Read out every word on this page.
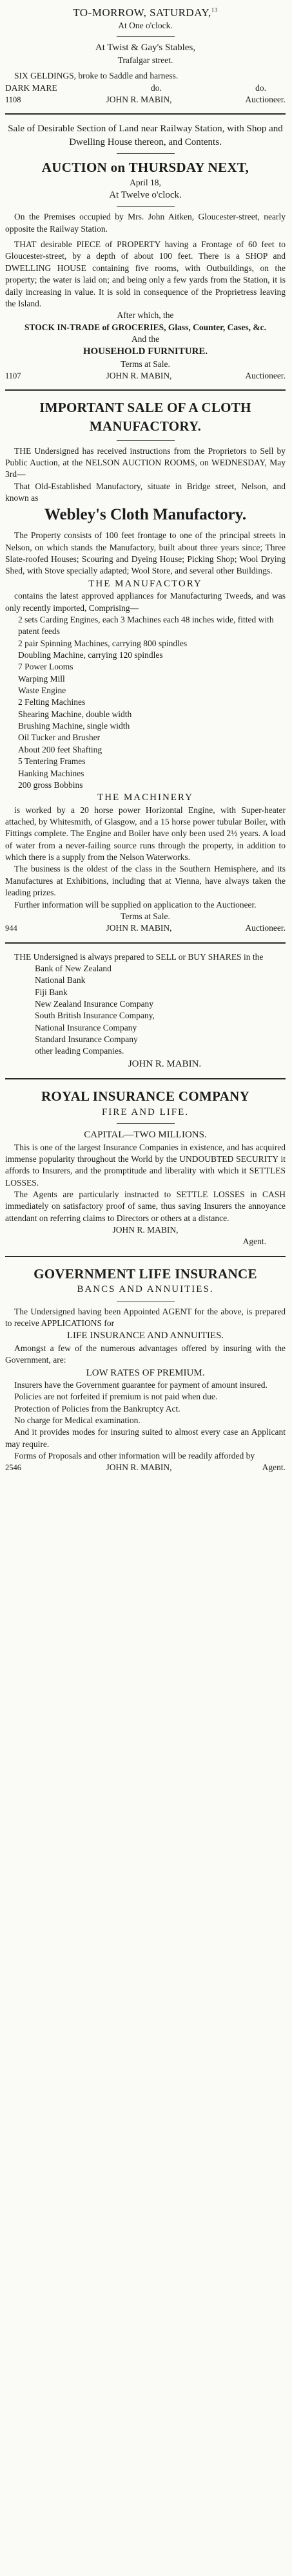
TO-MORROW, SATURDAY,$^{13}$

At One o'clock.

At Twist & Gay's Stables,

Trafalgar street.

SIX GELDINGS, broke to Saddle and harness.

DARK MARE	do.	do.

1108	JOHN R. MABIN,	Auctioneer.

Sale of Desirable Section of Land near Railway Station, with Shop and Dwelling House thereon, and Contents.

AUCTION on THURSDAY NEXT,

April 18,

At Twelve o'clock.

On the Premises occupied by Mrs. John Aitken, Gloucester-street, nearly opposite the Railway Station.

THAT desirable PIECE of PROPERTY having a Frontage of 60 feet to Gloucester-street, by a depth of about 100 feet. There is a SHOP and DWELLING HOUSE containing five rooms, with Outbuildings, on the property; the water is laid on; and being only a few yards from the Station, it is daily increasing in value. It is sold in consequence of the Proprietress leaving the Island.

After which, the

STOCK IN-TRADE of GROCERIES, Glass, Counter, Cases, &c.

And the

HOUSEHOLD FURNITURE.

Terms at Sale.

1107	JOHN R. MABIN,	Auctioneer.

IMPORTANT SALE OF A CLOTH MANUFACTORY.

THE Undersigned has received instructions from the Proprietors to Sell by Public Auction, at the NELSON AUCTION ROOMS, on WEDNESDAY, May 3rd—

That Old-Established Manufactory, situate in Bridge street, Nelson, and known as

Webley's Cloth Manufactory.

The Property consists of 100 feet frontage to one of the principal streets in Nelson, on which stands the Manufactory, built about three years since; Three Slate-roofed Houses; Scouring and Dyeing House; Picking Shop; Wool Drying Shed, with Stove specially adapted; Wool Store, and several other Buildings.

THE MANUFACTORY

contains the latest approved appliances for Manufacturing Tweeds, and was only recently imported, Comprising—

2 sets Carding Engines, each 3 Machines each 48 inches wide, fitted with patent feeds

2 pair Spinning Machines, carrying 800 spindles

Doubling Machine, carrying 120 spindles

7 Power Looms

Warping Mill

Waste Engine

2 Felting Machines

Shearing Machine, double width

Brushing Machine, single width

Oil Tucker and Brusher

About 200 feet Shafting

5 Tentering Frames

Hanking Machines

200 gross Bobbins

THE MACHINERY

is worked by a 20 horse power Horizontal Engine, with Super-heater attached, by Whitesmith, of Glasgow, and a 15 horse power tubular Boiler, with Fittings complete. The Engine and Boiler have only been used 2½ years. A load of water from a never-failing source runs through the property, in addition to which there is a supply from the Nelson Waterworks.

The business is the oldest of the class in the Southern Hemisphere, and its Manufactures at Exhibitions, including that at Vienna, have always taken the leading prizes.

Further information will be supplied on application to the Auctioneer.

Terms at Sale.

944	JOHN R. MABIN,	Auctioneer.

THE Undersigned is always prepared to SELL or BUY SHARES in the

Bank of New Zealand

National Bank

Fiji Bank

New Zealand Insurance Company

South British Insurance Company,

National Insurance Company

Standard Insurance Company

other leading Companies.

JOHN R. MABIN.

ROYAL INSURANCE COMPANY

FIRE AND LIFE.

CAPITAL—TWO MILLIONS.

This is one of the largest Insurance Companies in existence, and has acquired immense popularity throughout the World by the UNDOUBTED SECURITY it affords to Insurers, and the promptitude and liberality with which it SETTLES LOSSES.

The Agents are particularly instructed to SETTLE LOSSES in CASH immediately on satisfactory proof of same, thus saving Insurers the annoyance attendant on referring claims to Directors or others at a distance.

JOHN R. MABIN,

Agent.

GOVERNMENT LIFE INSURANCE

BANCS AND ANNUITIES.

The Undersigned having been Appointed AGENT for the above, is prepared to receive APPLICATIONS for

LIFE INSURANCE AND ANNUITIES.

Amongst a few of the numerous advantages offered by insuring with the Government, are:

LOW RATES OF PREMIUM.

Insurers have the Government guarantee for payment of amount insured.

Policies are not forfeited if premium is not paid when due.

Protection of Policies from the Bankruptcy Act.

No charge for Medical examination.

And it provides modes for insuring suited to almost every case an Applicant may require.

Forms of Proposals and other information will be readily afforded by

2546	JOHN R. MABIN,	Agent.
